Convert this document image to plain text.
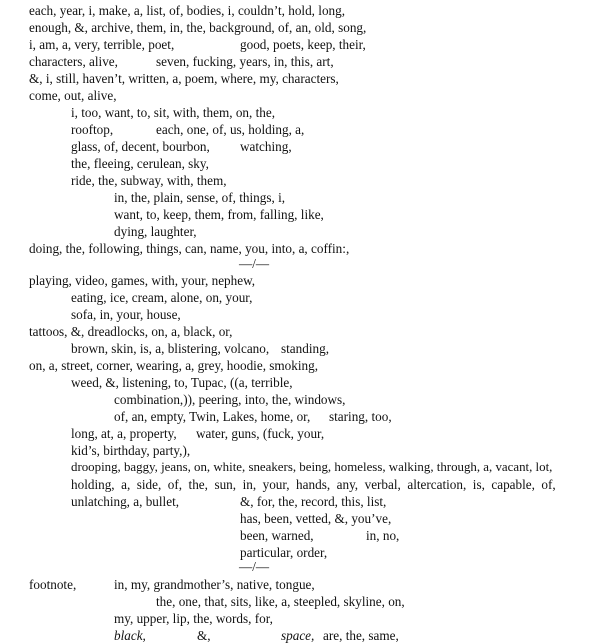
each, year, i, make, a, list, of, bodies, i, couldn’t, hold, long,
enough, &, archive, them, in, the, background, of, an, old, song,
i, am, a, very, terrible, poet,	good, poets, keep, their,
characters, alive,	seven, fucking, years, in, this, art,
&, i, still, haven’t, written, a, poem, where, my, characters,
come, out, alive,
i, too, want, to, sit, with, them, on, the,
rooftop,	each, one, of, us, holding, a,
glass, of, decent, bourbon, watching,
the, fleeing, cerulean, sky,
ride, the, subway, with, them,
in, the, plain, sense, of, things, i,
want, to, keep, them, from, falling, like,
dying, laughter,
doing, the, following, things, can, name, you, into, a, coffin:,
—/—
playing, video, games, with, your, nephew,
eating, ice, cream, alone, on, your,
sofa, in, your, house,
tattoos, &, dreadlocks, on, a, black, or,
brown, skin, is, a, blistering, volcano, standing,
on, a, street, corner, wearing, a, grey, hoodie, smoking,
weed, &, listening, to, Tupac, ((a, terrible,
combination,)), peering, into, the, windows,
of, an, empty, Twin, Lakes, home, or, staring, too,
long, at, a, property, water, guns, (fuck, your,
kid’s, birthday, party,),
drooping, baggy, jeans, on, white, sneakers, being, homeless, walking, through, a, vacant, lot,
holding, a, side, of, the, sun, in, your, hands, any, verbal, altercation, is, capable, of,
unlatching, a, bullet,	&, for, the, record, this, list,
has, been, vetted, &, you’ve,
been, warned,	in, no,
particular, order,
—/—
footnote,	in, my, grandmother’s, native, tongue,
the, one, that, sits, like, a, steepled, skyline, on,
my, upper, lip, the, words, for,
black,	&,	space, are, the, same,
